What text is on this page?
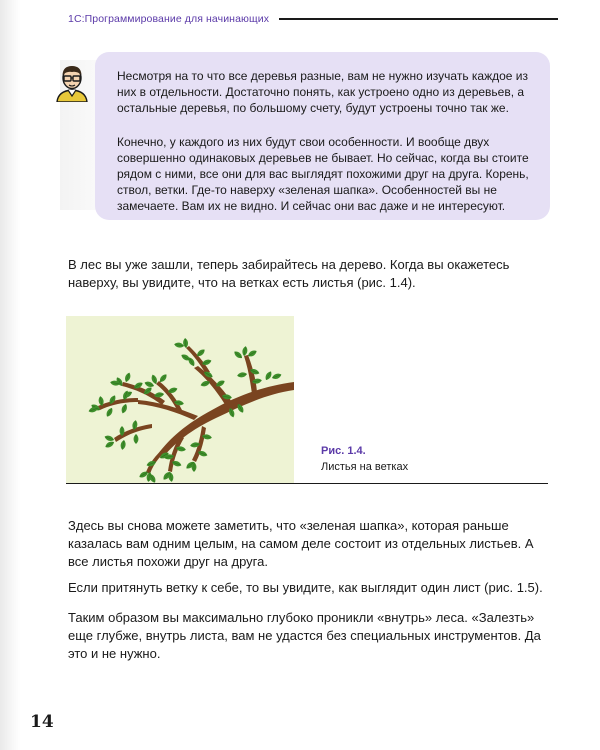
1С:Программирование для начинающих

Несмотря на то что все деревья разные, вам не нужно изучать каждое из них в отдельности. Достаточно понять, как устроено одно из деревьев, а остальные деревья, по большому счету, будут устроены точно так же.

Конечно, у каждого из них будут свои особенности. И вообще двух совершенно одинаковых деревьев не бывает. Но сейчас, когда вы стоите рядом с ними, все они для вас выглядят похожими друг на друга. Корень, ствол, ветки. Где-то наверху «зеленая шапка». Особенностей вы не замечаете. Вам их не видно. И сейчас они вас даже и не интересуют.

В лес вы уже зашли, теперь забирайтесь на дерево. Когда вы окажетесь наверху, вы увидите, что на ветках есть листья (рис. 1.4).

Рис. 1.4.
Листья на ветках

Здесь вы снова можете заметить, что «зеленая шапка», которая раньше казалась вам одним целым, на самом деле состоит из отдельных листьев. А все листья похожи друг на друга.

Если притянуть ветку к себе, то вы увидите, как выглядит один лист (рис. 1.5).

Таким образом вы максимально глубоко проникли «внутрь» леса. «Залезть» еще глубже, внутрь листа, вам не удастся без специальных инструментов. Да это и не нужно.

14
